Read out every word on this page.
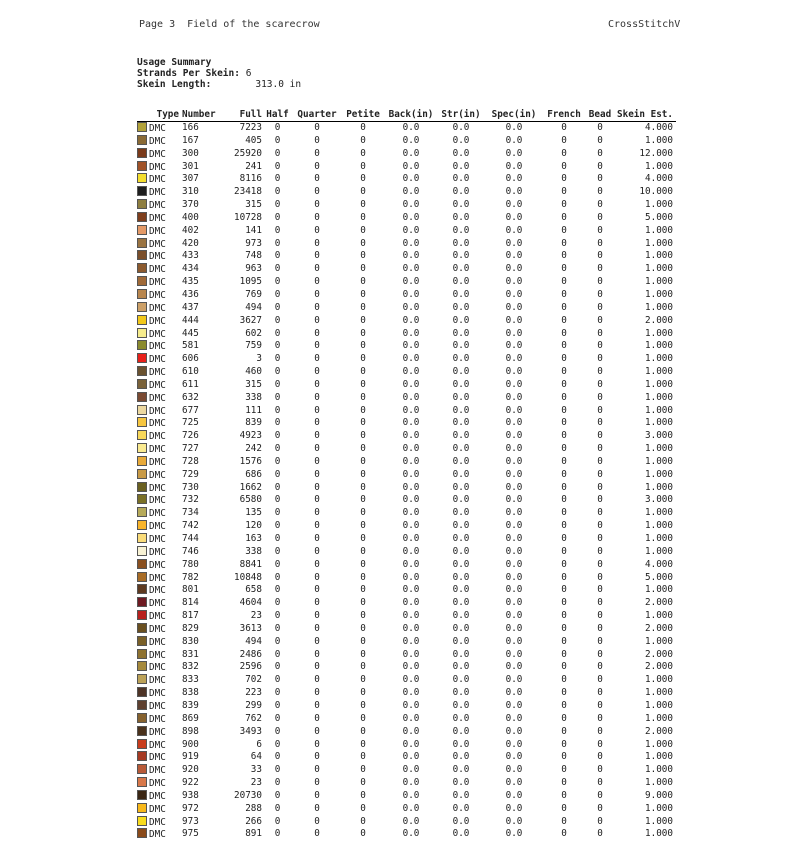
Page 3  Field of the scarecrow	CrossStitchV
Usage Summary
Strands Per Skein: 6
Skein Length:	313.0 in
Type	Number	Full	Half	Quarter	Petite	Back(in)	Str(in)	Spec(in)	French	Bead	Skein Est.
DMC	166	7223	0	0	0	0.0	0.0	0.0	0	0	4.000
DMC	167	405	0	0	0	0.0	0.0	0.0	0	0	1.000
DMC	300	25920	0	0	0	0.0	0.0	0.0	0	0	12.000
DMC	301	241	0	0	0	0.0	0.0	0.0	0	0	1.000
DMC	307	8116	0	0	0	0.0	0.0	0.0	0	0	4.000
DMC	310	23418	0	0	0	0.0	0.0	0.0	0	0	10.000
DMC	370	315	0	0	0	0.0	0.0	0.0	0	0	1.000
DMC	400	10728	0	0	0	0.0	0.0	0.0	0	0	5.000
DMC	402	141	0	0	0	0.0	0.0	0.0	0	0	1.000
DMC	420	973	0	0	0	0.0	0.0	0.0	0	0	1.000
DMC	433	748	0	0	0	0.0	0.0	0.0	0	0	1.000
DMC	434	963	0	0	0	0.0	0.0	0.0	0	0	1.000
DMC	435	1095	0	0	0	0.0	0.0	0.0	0	0	1.000
DMC	436	769	0	0	0	0.0	0.0	0.0	0	0	1.000
DMC	437	494	0	0	0	0.0	0.0	0.0	0	0	1.000
DMC	444	3627	0	0	0	0.0	0.0	0.0	0	0	2.000
DMC	445	602	0	0	0	0.0	0.0	0.0	0	0	1.000
DMC	581	759	0	0	0	0.0	0.0	0.0	0	0	1.000
DMC	606	3	0	0	0	0.0	0.0	0.0	0	0	1.000
DMC	610	460	0	0	0	0.0	0.0	0.0	0	0	1.000
DMC	611	315	0	0	0	0.0	0.0	0.0	0	0	1.000
DMC	632	338	0	0	0	0.0	0.0	0.0	0	0	1.000
DMC	677	111	0	0	0	0.0	0.0	0.0	0	0	1.000
DMC	725	839	0	0	0	0.0	0.0	0.0	0	0	1.000
DMC	726	4923	0	0	0	0.0	0.0	0.0	0	0	3.000
DMC	727	242	0	0	0	0.0	0.0	0.0	0	0	1.000
DMC	728	1576	0	0	0	0.0	0.0	0.0	0	0	1.000
DMC	729	686	0	0	0	0.0	0.0	0.0	0	0	1.000
DMC	730	1662	0	0	0	0.0	0.0	0.0	0	0	1.000
DMC	732	6580	0	0	0	0.0	0.0	0.0	0	0	3.000
DMC	734	135	0	0	0	0.0	0.0	0.0	0	0	1.000
DMC	742	120	0	0	0	0.0	0.0	0.0	0	0	1.000
DMC	744	163	0	0	0	0.0	0.0	0.0	0	0	1.000
DMC	746	338	0	0	0	0.0	0.0	0.0	0	0	1.000
DMC	780	8841	0	0	0	0.0	0.0	0.0	0	0	4.000
DMC	782	10848	0	0	0	0.0	0.0	0.0	0	0	5.000
DMC	801	658	0	0	0	0.0	0.0	0.0	0	0	1.000
DMC	814	4604	0	0	0	0.0	0.0	0.0	0	0	2.000
DMC	817	23	0	0	0	0.0	0.0	0.0	0	0	1.000
DMC	829	3613	0	0	0	0.0	0.0	0.0	0	0	2.000
DMC	830	494	0	0	0	0.0	0.0	0.0	0	0	1.000
DMC	831	2486	0	0	0	0.0	0.0	0.0	0	0	2.000
DMC	832	2596	0	0	0	0.0	0.0	0.0	0	0	2.000
DMC	833	702	0	0	0	0.0	0.0	0.0	0	0	1.000
DMC	838	223	0	0	0	0.0	0.0	0.0	0	0	1.000
DMC	839	299	0	0	0	0.0	0.0	0.0	0	0	1.000
DMC	869	762	0	0	0	0.0	0.0	0.0	0	0	1.000
DMC	898	3493	0	0	0	0.0	0.0	0.0	0	0	2.000
DMC	900	6	0	0	0	0.0	0.0	0.0	0	0	1.000
DMC	919	64	0	0	0	0.0	0.0	0.0	0	0	1.000
DMC	920	33	0	0	0	0.0	0.0	0.0	0	0	1.000
DMC	922	23	0	0	0	0.0	0.0	0.0	0	0	1.000
DMC	938	20730	0	0	0	0.0	0.0	0.0	0	0	9.000
DMC	972	288	0	0	0	0.0	0.0	0.0	0	0	1.000
DMC	973	266	0	0	0	0.0	0.0	0.0	0	0	1.000
DMC	975	891	0	0	0	0.0	0.0	0.0	0	0	1.000
